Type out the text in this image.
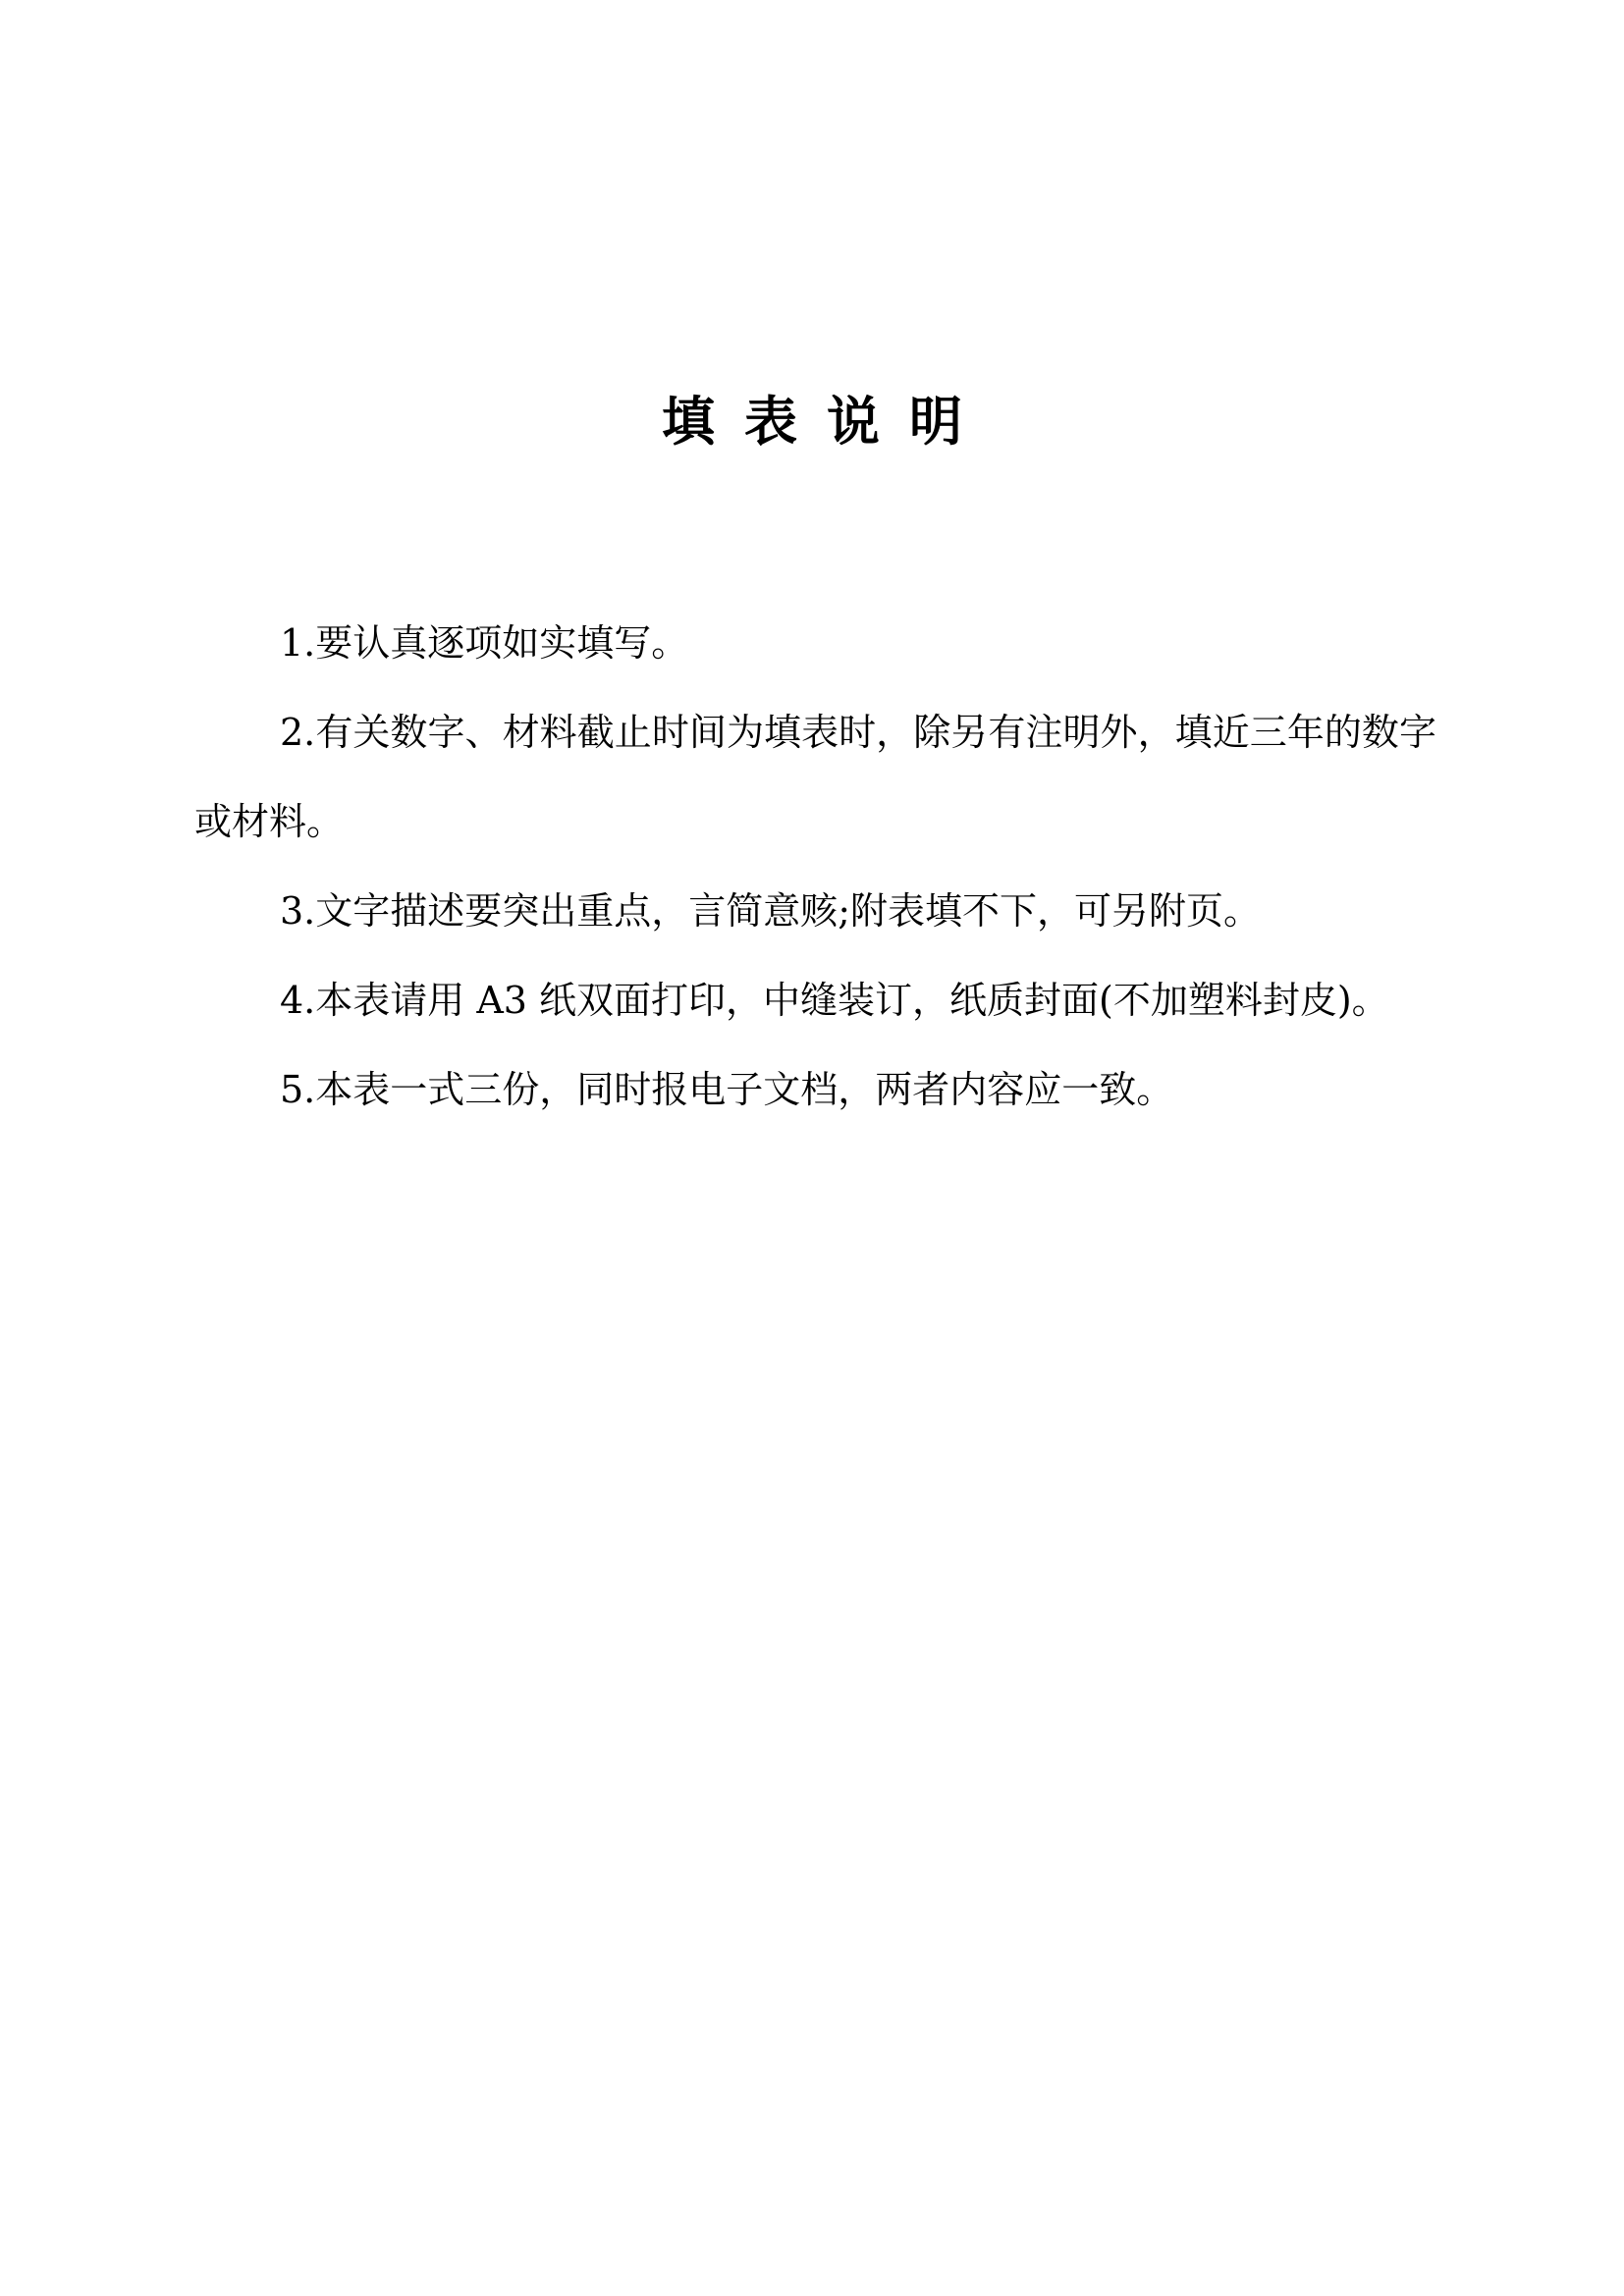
填表说明

1.要认真逐项如实填写。

2.有关数字、材料截止时间为填表时，除另有注明外，填近三年的数字或材料。

3.文字描述要突出重点，言简意赅;附表填不下，可另附页。

4.本表请用 A3 纸双面打印，中缝装订，纸质封面(不加塑料封皮)。

5.本表一式三份，同时报电子文档，两者内容应一致。
